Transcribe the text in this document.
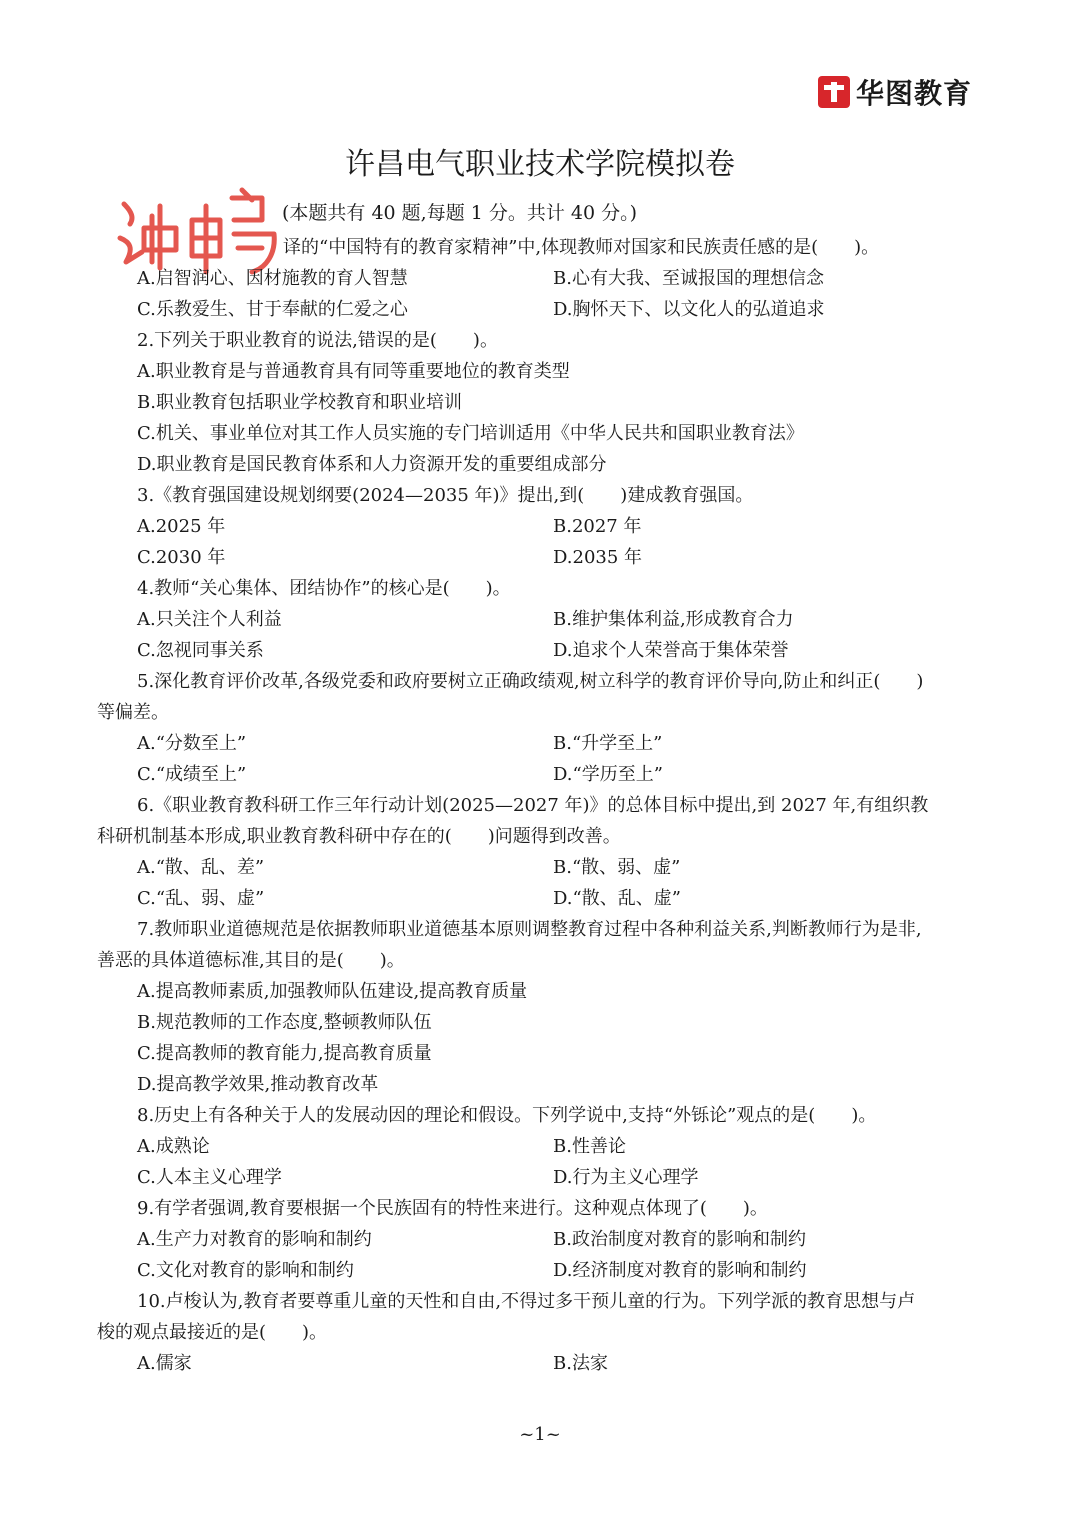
华图教育
许昌电气职业技术学院模拟卷
(本题共有 40 题,每题 1 分。共计 40 分。)
译的“中国特有的教育家精神”中,体现教师对国家和民族责任感的是(　　)。
A.启智润心、因材施教的育人智慧	B.心有大我、至诚报国的理想信念
C.乐教爱生、甘于奉献的仁爱之心	D.胸怀天下、以文化人的弘道追求
2.下列关于职业教育的说法,错误的是(　　)。
A.职业教育是与普通教育具有同等重要地位的教育类型
B.职业教育包括职业学校教育和职业培训
C.机关、事业单位对其工作人员实施的专门培训适用《中华人民共和国职业教育法》
D.职业教育是国民教育体系和人力资源开发的重要组成部分
3.《教育强国建设规划纲要(2024—2035 年)》提出,到(　　)建成教育强国。
A.2025 年	B.2027 年
C.2030 年	D.2035 年
4.教师“关心集体、团结协作”的核心是(　　)。
A.只关注个人利益	B.维护集体利益,形成教育合力
C.忽视同事关系	D.追求个人荣誉高于集体荣誉
5.深化教育评价改革,各级党委和政府要树立正确政绩观,树立科学的教育评价导向,防止和纠正(　　)
等偏差。
A.“分数至上”	B.“升学至上”
C.“成绩至上”	D.“学历至上”
6.《职业教育教科研工作三年行动计划(2025—2027 年)》的总体目标中提出,到 2027 年,有组织教
科研机制基本形成,职业教育教科研中存在的(　　)问题得到改善。
A.“散、乱、差”	B.“散、弱、虚”
C.“乱、弱、虚”	D.“散、乱、虚”
7.教师职业道德规范是依据教师职业道德基本原则调整教育过程中各种利益关系,判断教师行为是非,
善恶的具体道德标准,其目的是(　　)。
A.提高教师素质,加强教师队伍建设,提高教育质量
B.规范教师的工作态度,整顿教师队伍
C.提高教师的教育能力,提高教育质量
D.提高教学效果,推动教育改革
8.历史上有各种关于人的发展动因的理论和假设。下列学说中,支持“外铄论”观点的是(　　)。
A.成熟论	B.性善论
C.人本主义心理学	D.行为主义心理学
9.有学者强调,教育要根据一个民族固有的特性来进行。这种观点体现了(　　)。
A.生产力对教育的影响和制约	B.政治制度对教育的影响和制约
C.文化对教育的影响和制约	D.经济制度对教育的影响和制约
10.卢梭认为,教育者要尊重儿童的天性和自由,不得过多干预儿童的行为。下列学派的教育思想与卢
梭的观点最接近的是(　　)。
A.儒家	B.法家
~1~
